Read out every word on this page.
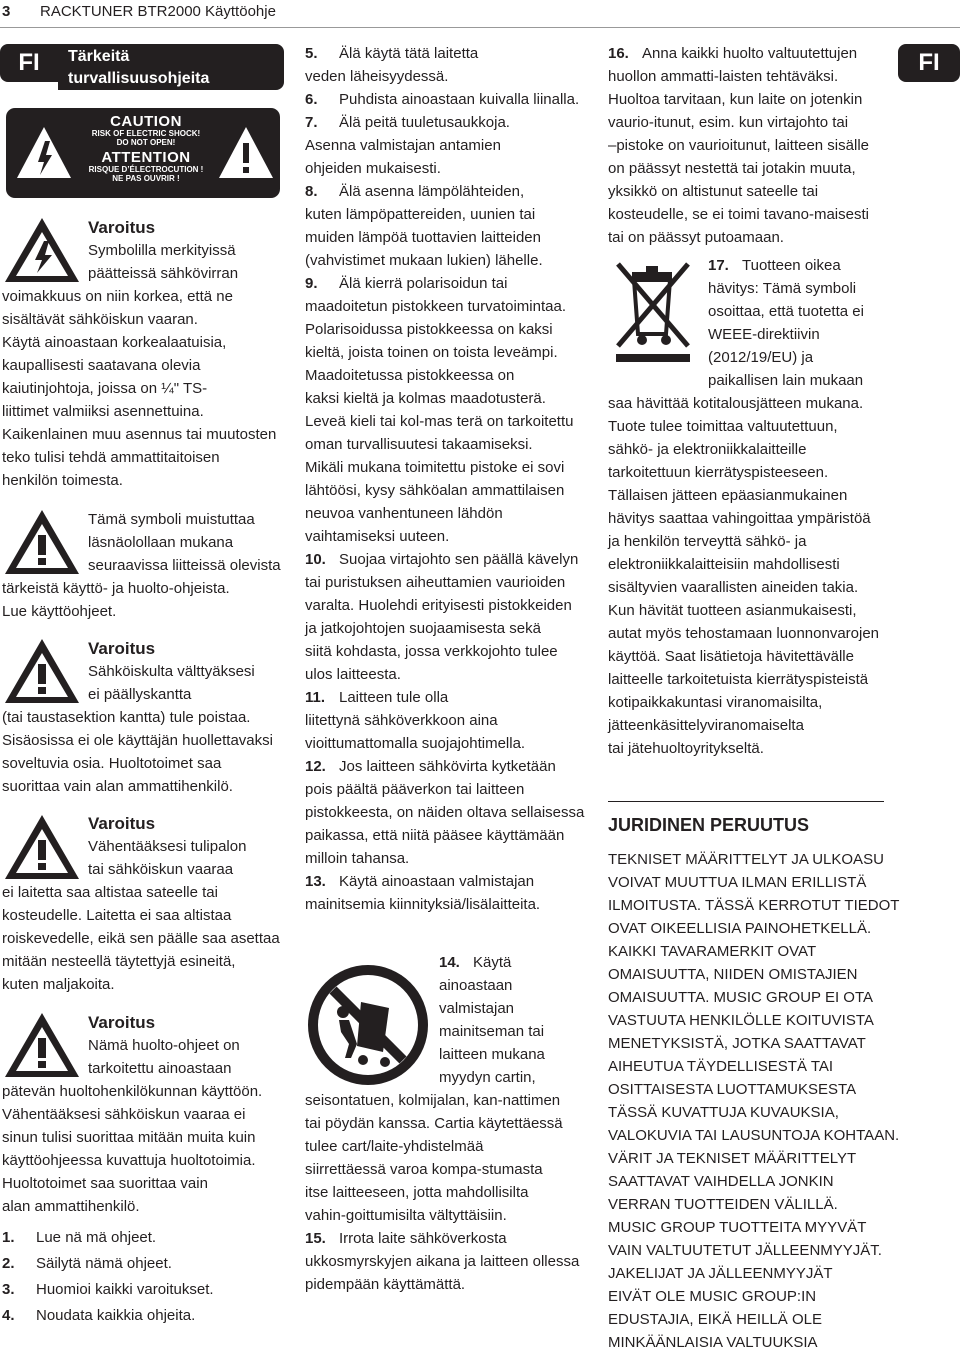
3 RACKTUNER BTR2000 Käyttöohje
FI	FI
Tärkeitä
turvallisuusohjeita
CAUTION
RISK OF ELECTRIC SHOCK!
DO NOT OPEN!
ATTENTION
RISQUE D’ÉLECTROCUTION !
NE PAS OUVRIR !
Varoitus
Symbolilla merkityissä
päätteissä sähkövirran
voimakkuus on niin korkea, että ne
sisältävät sähköiskun vaaran.
Käytä ainoastaan korkealaatuisia,
kaupallisesti saatavana olevia
kaiutinjohtoja, joissa on ¼" TS-
liittimet valmiiksi asennettuina.
Kaikenlainen muu asennus tai muutosten
teko tulisi tehdä ammattitaitoisen
henkilön toimesta.
Tämä symboli muistuttaa
läsnäolollaan mukana
seuraavissa liitteissä olevista
tärkeistä käyttö- ja huolto-ohjeista.
Lue käyttöohjeet.
Varoitus
Sähköiskulta välttyäksesi
ei päällyskantta
(tai taustasektion kantta) tule poistaa.
Sisäosissa ei ole käyttäjän huollettavaksi
soveltuvia osia. Huoltotoimet saa
suorittaa vain alan ammattihenkilö.
Varoitus
Vähentääksesi tulipalon
tai sähköiskun vaaraa
ei laitetta saa altistaa sateelle tai
kosteudelle. Laitetta ei saa altistaa
roiskevedelle, eikä sen päälle saa asettaa
mitään nesteellä täytettyjä esineitä,
kuten maljakoita.
Varoitus
Nämä huolto-ohjeet on
tarkoitettu ainoastaan
pätevän huoltohenkilökunnan käyttöön.
Vähentääksesi sähköiskun vaaraa ei
sinun tulisi suorittaa mitään muita kuin
käyttöohjeessa kuvattuja huoltotoimia.
Huoltotoimet saa suorittaa vain
alan ammattihenkilö.
1. Lue nä mä ohjeet.
2. Säilytä nämä ohjeet.
3. Huomioi kaikki varoitukset.
4. Noudata kaikkia ohjeita.
5. Älä käytä tätä laitetta
veden läheisyydessä.
6. Puhdista ainoastaan kuivalla liinalla.
7. Älä peitä tuuletusaukkoja.
Asenna valmistajan antamien
ohjeiden mukaisesti.
8. Älä asenna lämpölähteiden,
kuten lämpöpattereiden, uunien tai
muiden lämpöä tuottavien laitteiden
(vahvistimet mukaan lukien) lähelle.
9. Älä kierrä polarisoidun tai
maadoitetun pistokkeen turvatoimintaa.
Polarisoidussa pistokkeessa on kaksi
kieltä, joista toinen on toista leveämpi.
Maadoitetussa pistokkeessa on
kaksi kieltä ja kolmas maadotusterä.
Leveä kieli tai kol-mas terä on tarkoitettu
oman turvallisuutesi takaamiseksi.
Mikäli mukana toimitettu pistoke ei sovi
lähtöösi, kysy sähköalan ammattilaisen
neuvoa vanhentuneen lähdön
vaihtamiseksi uuteen.
10. Suojaa virtajohto sen päällä kävelyn
tai puristuksen aiheuttamien vaurioiden
varalta. Huolehdi erityisesti pistokkeiden
ja jatkojohtojen suojaamisesta sekä
siitä kohdasta, jossa verkkojohto tulee
ulos laitteesta.
11. Laitteen tule olla
liitettynä sähköverkkoon aina
vioittumattomalla suojajohtimella.
12. Jos laitteen sähkövirta kytketään
pois päältä pääverkon tai laitteen
pistokkeesta, on näiden oltava sellaisessa
paikassa, että niitä pääsee käyttämään
milloin tahansa.
13. Käytä ainoastaan valmistajan
mainitsemia kiinnityksiä/lisälaitteita.
14. Käytä
ainoastaan
valmistajan
mainitseman tai
laitteen mukana
myydyn cartin,
seisontatuen, kolmijalan, kan-nattimen
tai pöydän kanssa. Cartia käytettäessä
tulee cart/laite-yhdistelmää
siirrettäessä varoa kompa-stumasta
itse laitteeseen, jotta mahdollisilta
vahin-goittumisilta vältyttäisiin.
15. Irrota laite sähköverkosta
ukkosmyrskyjen aikana ja laitteen ollessa
pidempään käyttämättä.
16. Anna kaikki huolto valtuutettujen
huollon ammatti-laisten tehtäväksi.
Huoltoa tarvitaan, kun laite on jotenkin
vaurio-itunut, esim. kun virtajohto tai
–pistoke on vaurioitunut, laitteen sisälle
on päässyt nestettä tai jotakin muuta,
yksikkö on altistunut sateelle tai
kosteudelle, se ei toimi tavano-maisesti
tai on päässyt putoamaan.
17. Tuotteen oikea
hävitys: Tämä symboli
osoittaa, että tuotetta ei
WEEE-direktiivin
(2012/19/EU) ja
paikallisen lain mukaan
saa hävittää kotitalousjätteen mukana.
Tuote tulee toimittaa valtuutettuun,
sähkö- ja elektroniikkalaitteille
tarkoitettuun kierrätyspisteeseen.
Tällaisen jätteen epäasianmukainen
hävitys saattaa vahingoittaa ympäristöä
ja henkilön terveyttä sähkö- ja
elektroniikkalaitteisiin mahdollisesti
sisältyvien vaarallisten aineiden takia.
Kun hävität tuotteen asianmukaisesti,
autat myös tehostamaan luonnonvarojen
käyttöä. Saat lisätietoja hävitettävälle
laitteelle tarkoitetuista kierrätyspisteistä
kotipaikkakuntasi viranomaisilta,
jätteenkäsittelyviranomaiselta
tai jätehuoltoyritykseltä.
JURIDINEN PERUUTUS
TEKNISET MÄÄRITTELYT JA ULKOASU
VOIVAT MUUTTUA ILMAN ERILLISTÄ
ILMOITUSTA. TÄSSÄ KERROTUT TIEDOT
OVAT OIKEELLISIA PAINOHETKELLÄ.
KAIKKI TAVARAMERKIT OVAT
OMAISUUTTA, NIIDEN OMISTAJIEN
OMAISUUTTA. MUSIC GROUP EI OTA
VASTUUTA HENKILÖLLE KOITUVISTA
MENETYKSISTÄ, JOTKA SAATTAVAT
AIHEUTUA TÄYDELLISESTÄ TAI
OSITTAISESTA LUOTTAMUKSESTA
TÄSSÄ KUVATTUJA KUVAUKSIA,
VALOKUVIA TAI LAUSUNTOJA KOHTAAN.
VÄRIT JA TEKNISET MÄÄRITTELYT
SAATTAVAT VAIHDELLA JONKIN
VERRAN TUOTTEIDEN VÄLILLÄ.
MUSIC GROUP TUOTTEITA MYYVÄT
VAIN VALTUUTETUT JÄLLEENMYYJÄT.
JAKELIJAT JA JÄLLEENMYYJÄT
EIVÄT OLE MUSIC GROUP:IN
EDUSTAJIA, EIKÄ HEILLÄ OLE
MINKÄÄNLAISIA VALTUUKSIA
